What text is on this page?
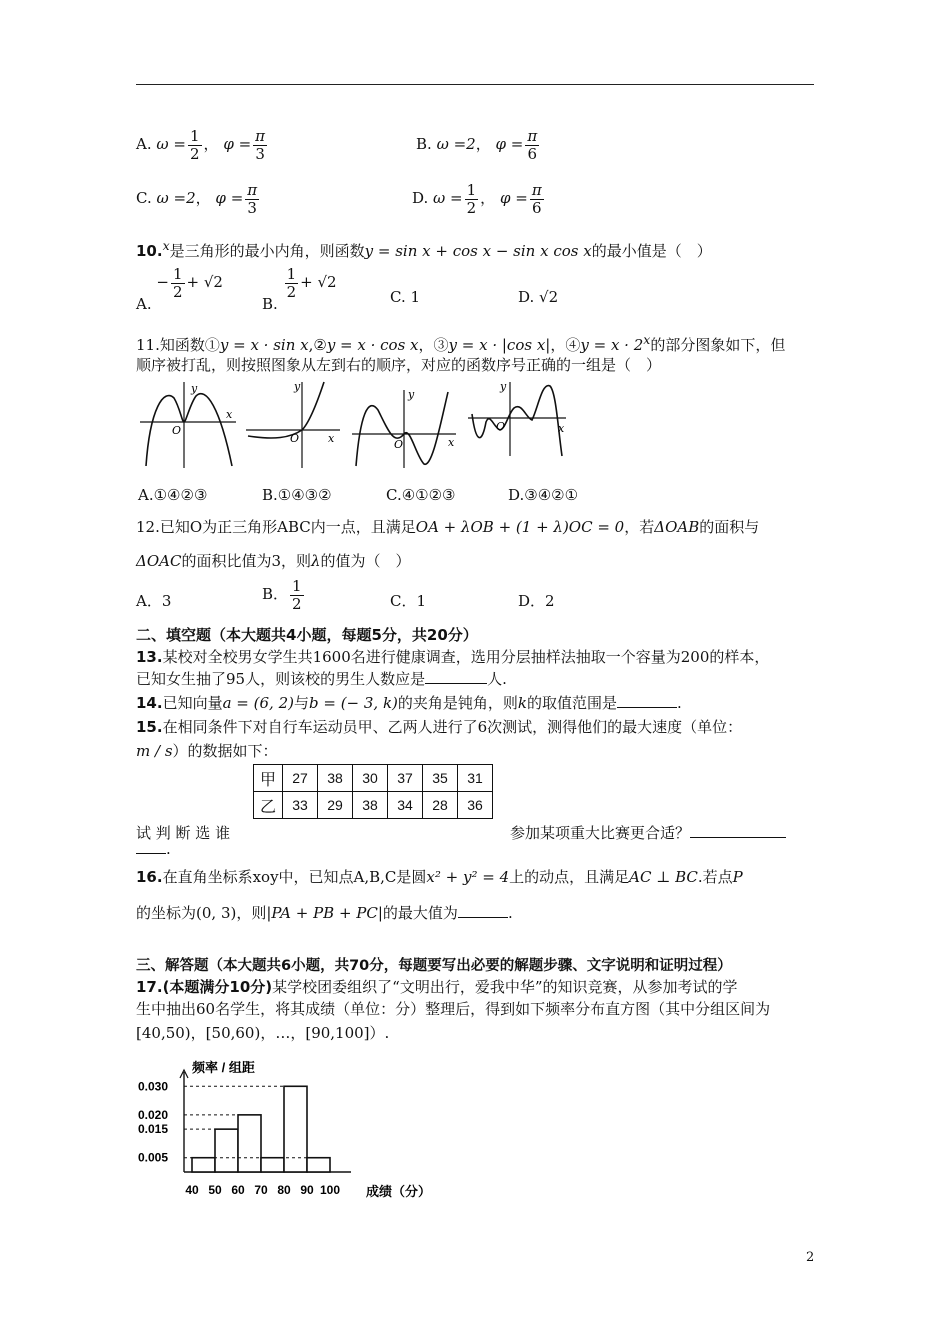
A. $\omega = \frac{1}{2}$ ， $\varphi = \frac{\pi}{3}$	B. ω =2， $\varphi = \frac{\pi}{6}$
C. ω =2， $\varphi = \frac{\pi}{3}$	D. $\omega = \frac{1}{2}$ ， $\varphi = \frac{\pi}{6}$
10.$^x$是三角形的最小内角，则函数y = sin x + cos x − sin x cos x的最小值是（　）
A. − $\frac{1}{2} + √2$
B.
$\frac{1}{2} + √2$
C. 1	D. √2
11.知函数①y = x · sin x,②y = x · cos x，③y = x · |cos x|，④y = $x \cdot 2^x$的部分图象如下，但
顺序被打乱，则按照图象从左到右的顺序，对应的函数序号正确的一组是（　）
y
x
O
y
x
O
y
x
O
y
x
O
A.①④②③	B.①④③②	C.④①②③	D.③④②①
12.已知O为正三角形ABC内一点，且满足OA + λOB + (1 + λ)OC = 0，若ΔOAB的面积与
ΔOAC的面积比值为3，则λ的值为（　）
A．3	B． $\frac{1}{2}$	C．1	D．2
二、填空题（本大题共4小题，每题5分，共20分）
13.某校对全校男女学生共1600名进行健康调查，选用分层抽样法抽取一个容量为200的样本，
已知女生抽了95人，则该校的男生人数应是	人.
14.已知向量a = (6, 2)与b = (− 3, k)的夹角是钝角，则k的取值范围是	.
15.在相同条件下对自行车运动员甲、乙两人进行了6次测试，测得他们的最大速度（单位：
m / s）的数据如下：
甲	27	38	30	37	35	31
乙	33	29	38	34	28	36
试 判 断 选 谁	参加某项重大比赛更合适？
.
16.在直角坐标系xoy中，已知点A,B,C是圆x² + y² = 4上的动点，且满足AC ⊥ BC.若点P
的坐标为(0, 3)，则|PA + PB + PC|的最大值为	.
三、解答题（本大题共6小题，共70分，每题要写出必要的解题步骤、文字说明和证明过程）
17.(本题满分10分)某学校团委组织了“文明出行，爱我中华”的知识竞赛，从参加考试的学
生中抽出60名学生，将其成绩（单位：分）整理后，得到如下频率分布直方图（其中分组区间为
[40,50)，[50,60)，…，[90,100]）.
频率 / 组距
成绩（分）
0.005
0.015
0.020
0.030
40 50 60 70 80 90 100
2
